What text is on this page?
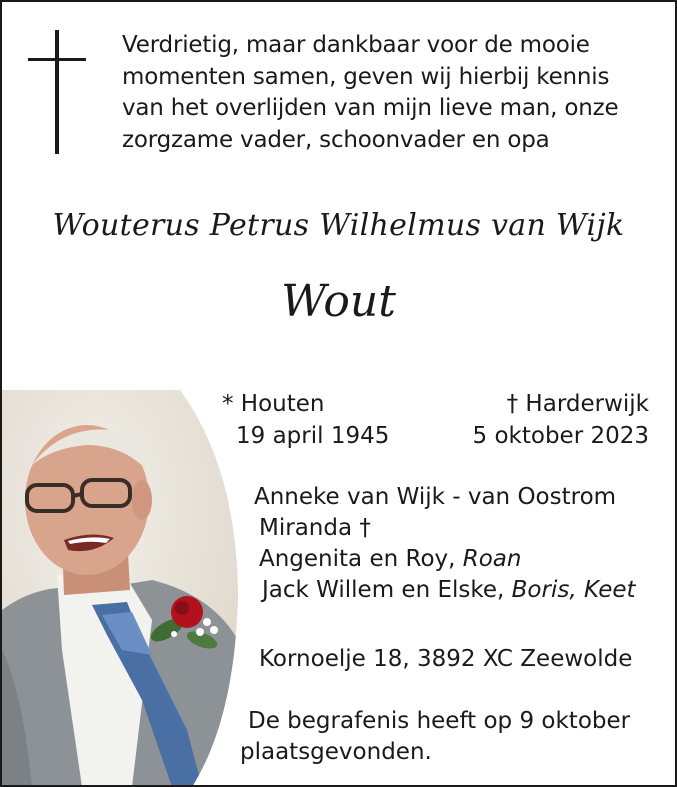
Verdrietig, maar dankbaar voor de mooie
momenten samen, geven wij hierbij kennis
van het overlijden van mijn lieve man, onze
zorgzame vader, schoonvader en opa

Wouterus Petrus Wilhelmus van Wijk
Wout
* Houten
19 april 1945
† Harderwijk
5 oktober 2023
Anneke van Wijk - van Oostrom
Miranda †
Angenita en Roy, Roan
Jack Willem en Elske, Boris, Keet
Kornoelje 18, 3892 XC Zeewolde
De begrafenis heeft op 9 oktober
plaatsgevonden.
